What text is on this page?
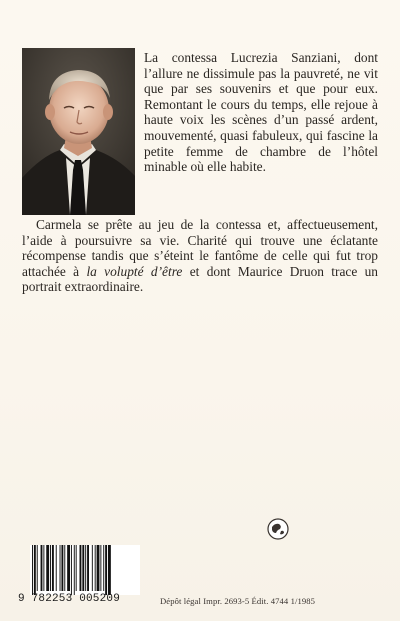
La contessa Lucrezia Sanziani, dont l’allure ne dissimule pas la pauvreté, ne vit que par ses souvenirs et que pour eux. Remontant le cours du temps, elle rejoue à haute voix les scènes d’un passé ardent, mouvementé, quasi fabuleux, qui fascine la petite femme de chambre de l’hôtel minable où elle habite.

Carmela se prête au jeu de la contessa et, affectueusement, l’aide à poursuivre sa vie. Charité qui trouve une éclatante récompense tandis que s’éteint le fantôme de celle qui fut trop attachée à la volupté d’être et dont Maurice Druon trace un portrait extraordinaire.

9 782253 005209	Dépôt légal Impr. 2693-5 Édit. 4744 1/1985
